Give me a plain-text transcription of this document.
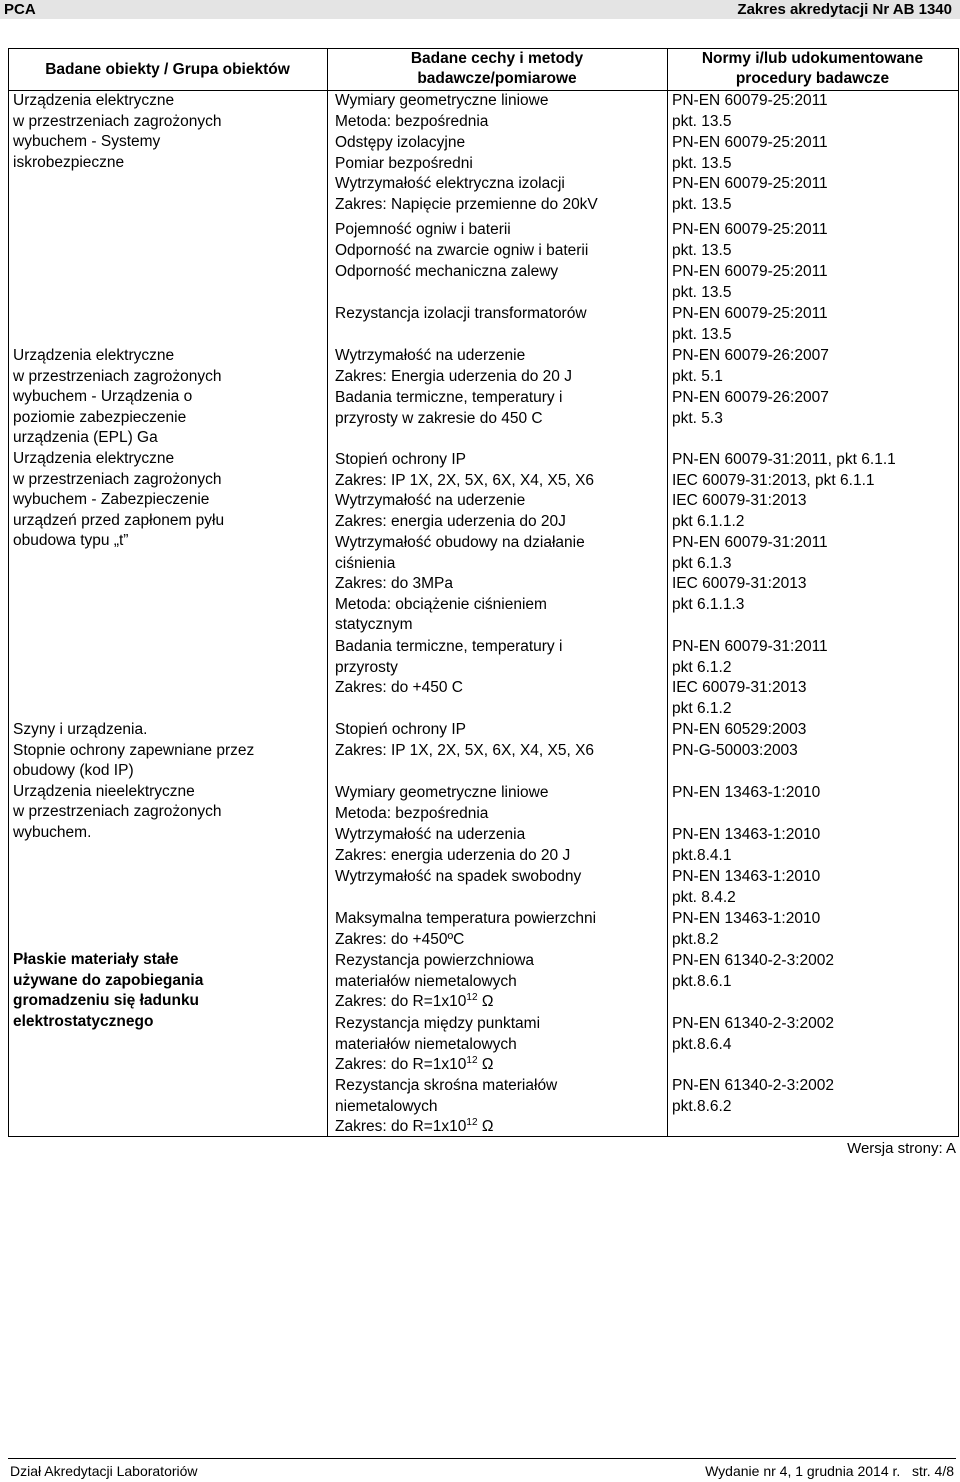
PCA	Zakres akredytacji Nr AB 1340
Badane obiekty / Grupa obiektów
Badane cechy i metody
badawcze/pomiarowe
Normy i/lub udokumentowane
procedury badawcze
Urządzenia elektryczne
w przestrzeniach zagrożonych
wybuchem - Systemy
iskrobezpieczne
Urządzenia elektryczne
w przestrzeniach zagrożonych
wybuchem - Urządzenia o
poziomie zabezpieczenie
urządzenia (EPL) Ga
Urządzenia elektryczne
w przestrzeniach zagrożonych
wybuchem - Zabezpieczenie
urządzeń przed zapłonem pyłu
obudowa typu „t”
Szyny i urządzenia.
Stopnie ochrony zapewniane przez
obudowy (kod IP)
Urządzenia nieelektryczne
w przestrzeniach zagrożonych
wybuchem.
Płaskie materiały stałe
używane do zapobiegania
gromadzeniu się ładunku
elektrostatycznego
Wymiary geometryczne liniowe
Metoda: bezpośrednia
Odstępy izolacyjne
Pomiar bezpośredni
Wytrzymałość elektryczna izolacji
Zakres: Napięcie przemienne do 20kV
Pojemność ogniw i baterii
Odporność na zwarcie ogniw i baterii
Odporność mechaniczna zalewy
Rezystancja izolacji transformatorów
Wytrzymałość na uderzenie
Zakres: Energia uderzenia do 20 J
Badania termiczne, temperatury i
przyrosty w zakresie do 450 C
Stopień ochrony IP
Zakres: IP 1X, 2X, 5X, 6X, X4, X5, X6
Wytrzymałość na uderzenie
Zakres: energia uderzenia do 20J
Wytrzymałość obudowy na działanie
ciśnienia
Zakres: do 3MPa
Metoda: obciążenie ciśnieniem
statycznym
Badania termiczne, temperatury i
przyrosty
Zakres: do +450 C
Stopień ochrony IP
Zakres: IP 1X, 2X, 5X, 6X, X4, X5, X6
Wymiary geometryczne liniowe
Metoda: bezpośrednia
Wytrzymałość na uderzenia
Zakres: energia uderzenia do 20 J
Wytrzymałość na spadek swobodny
Maksymalna temperatura powierzchni
Zakres: do +450ºC
Rezystancja powierzchniowa
materiałów niemetalowych
Zakres: do $R=1x10^{12}$ Ω
Rezystancja między punktami
materiałów niemetalowych
Zakres: do $R=1x10^{12}$ Ω
Rezystancja skrośna materiałów
niemetalowych
Zakres: do $R=1x10^{12}$ Ω
PN-EN 60079-25:2011
pkt. 13.5
PN-EN 60079-25:2011
pkt. 13.5
PN-EN 60079-25:2011
pkt. 13.5
PN-EN 60079-25:2011
pkt. 13.5
PN-EN 60079-25:2011
pkt. 13.5
PN-EN 60079-25:2011
pkt. 13.5
PN-EN 60079-26:2007
pkt. 5.1
PN-EN 60079-26:2007
pkt. 5.3
PN-EN 60079-31:2011, pkt 6.1.1
IEC 60079-31:2013, pkt 6.1.1
IEC 60079-31:2013
pkt 6.1.1.2
PN-EN 60079-31:2011
pkt 6.1.3
IEC 60079-31:2013
pkt 6.1.1.3
PN-EN 60079-31:2011
pkt 6.1.2
IEC 60079-31:2013
pkt 6.1.2
PN-EN 60529:2003
PN-G-50003:2003
PN-EN 13463-1:2010
PN-EN 13463-1:2010
pkt.8.4.1
PN-EN 13463-1:2010
pkt. 8.4.2
PN-EN 13463-1:2010
pkt.8.2
PN-EN 61340-2-3:2002
pkt.8.6.1
PN-EN 61340-2-3:2002
pkt.8.6.4
PN-EN 61340-2-3:2002
pkt.8.6.2
Wersja strony: A
Dział Akredytacji Laboratoriów	Wydanie nr 4, 1 grudnia 2014 r.   str. 4/8
